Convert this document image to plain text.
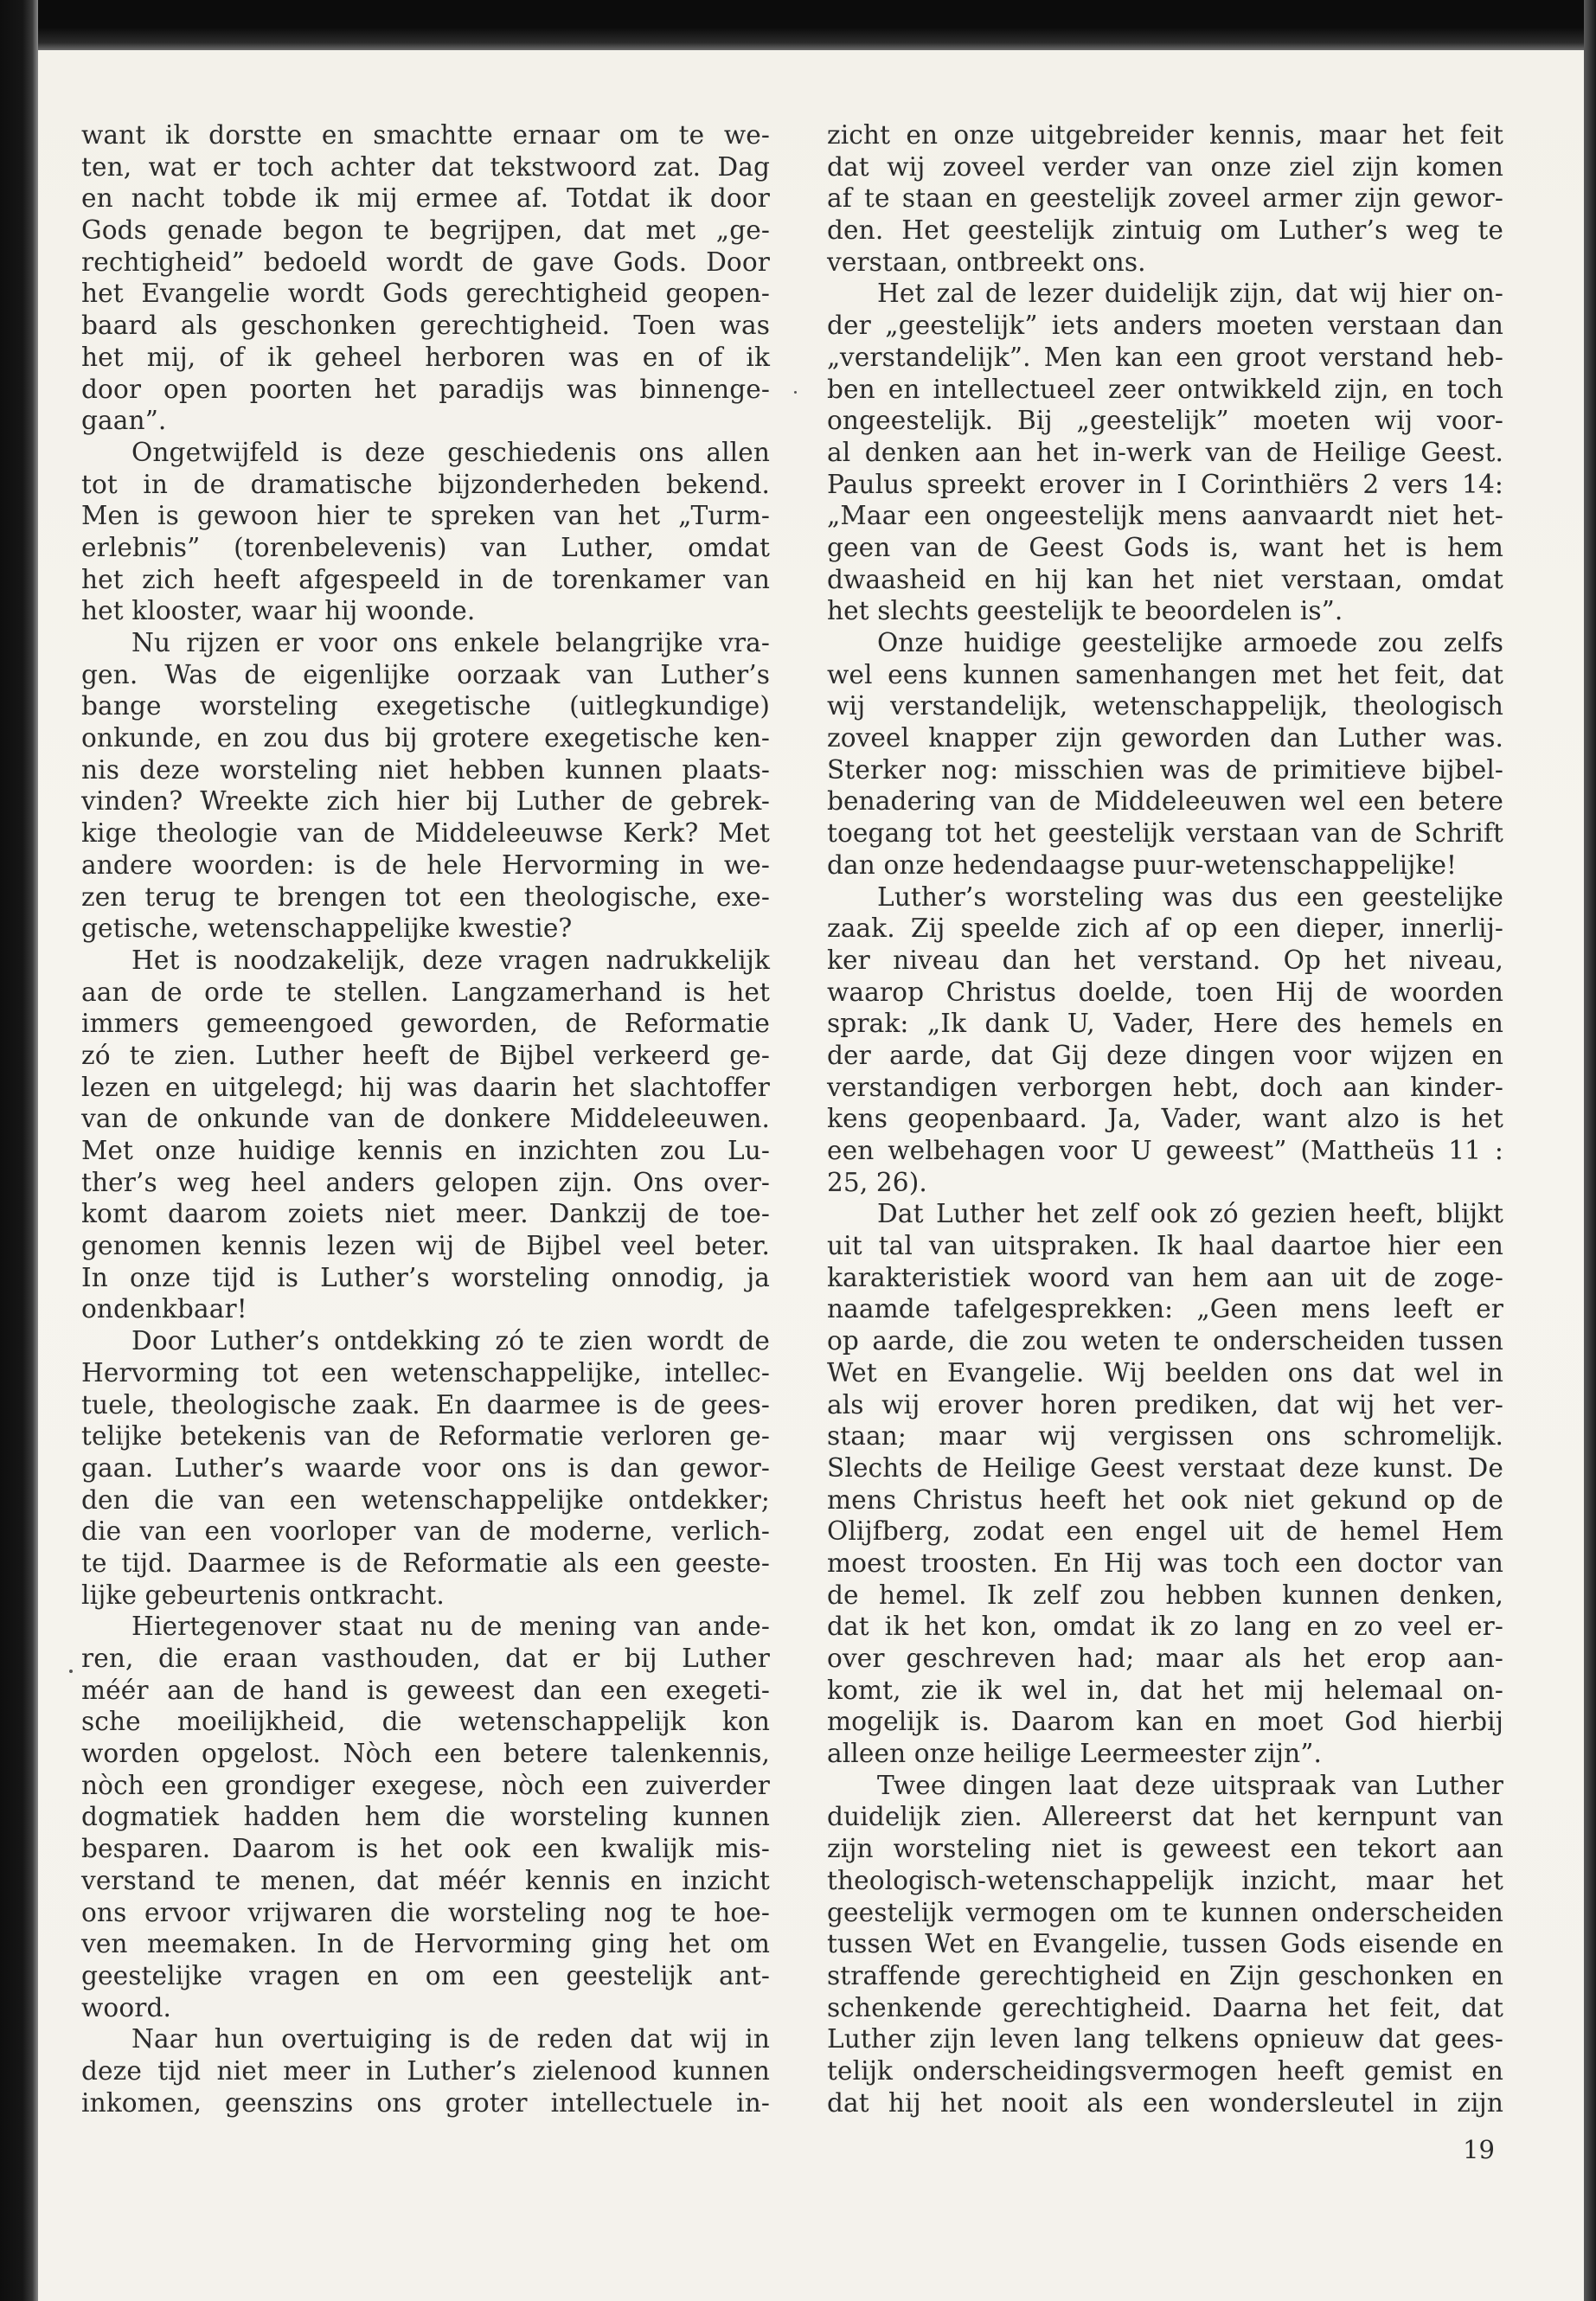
want ik dorstte en smachtte ernaar om te we-
ten, wat er toch achter dat tekstwoord zat. Dag
en nacht tobde ik mij ermee af. Totdat ik door
Gods genade begon te begrijpen, dat met „ge-
rechtigheid” bedoeld wordt de gave Gods. Door
het Evangelie wordt Gods gerechtigheid geopen-
baard als geschonken gerechtigheid. Toen was
het mij, of ik geheel herboren was en of ik
door open poorten het paradijs was binnenge-
gaan”.
Ongetwijfeld is deze geschiedenis ons allen
tot in de dramatische bijzonderheden bekend.
Men is gewoon hier te spreken van het „Turm-
erlebnis” (torenbelevenis) van Luther, omdat
het zich heeft afgespeeld in de torenkamer van
het klooster, waar hij woonde.
Nu rijzen er voor ons enkele belangrijke vra-
gen. Was de eigenlijke oorzaak van Luther’s
bange worsteling exegetische (uitlegkundige)
onkunde, en zou dus bij grotere exegetische ken-
nis deze worsteling niet hebben kunnen plaats-
vinden? Wreekte zich hier bij Luther de gebrek-
kige theologie van de Middeleeuwse Kerk? Met
andere woorden: is de hele Hervorming in we-
zen terug te brengen tot een theologische, exe-
getische, wetenschappelijke kwestie?
Het is noodzakelijk, deze vragen nadrukkelijk
aan de orde te stellen. Langzamerhand is het
immers gemeengoed geworden, de Reformatie
zó te zien. Luther heeft de Bijbel verkeerd ge-
lezen en uitgelegd; hij was daarin het slachtoffer
van de onkunde van de donkere Middeleeuwen.
Met onze huidige kennis en inzichten zou Lu-
ther’s weg heel anders gelopen zijn. Ons over-
komt daarom zoiets niet meer. Dankzij de toe-
genomen kennis lezen wij de Bijbel veel beter.
In onze tijd is Luther’s worsteling onnodig, ja
ondenkbaar!
Door Luther’s ontdekking zó te zien wordt de
Hervorming tot een wetenschappelijke, intellec-
tuele, theologische zaak. En daarmee is de gees-
telijke betekenis van de Reformatie verloren ge-
gaan. Luther’s waarde voor ons is dan gewor-
den die van een wetenschappelijke ontdekker;
die van een voorloper van de moderne, verlich-
te tijd. Daarmee is de Reformatie als een geeste-
lijke gebeurtenis ontkracht.
Hiertegenover staat nu de mening van ande-
ren, die eraan vasthouden, dat er bij Luther
méér aan de hand is geweest dan een exegeti-
sche moeilijkheid, die wetenschappelijk kon
worden opgelost. Nòch een betere talenkennis,
nòch een grondiger exegese, nòch een zuiverder
dogmatiek hadden hem die worsteling kunnen
besparen. Daarom is het ook een kwalijk mis-
verstand te menen, dat méér kennis en inzicht
ons ervoor vrijwaren die worsteling nog te hoe-
ven meemaken. In de Hervorming ging het om
geestelijke vragen en om een geestelijk ant-
woord.
Naar hun overtuiging is de reden dat wij in
deze tijd niet meer in Luther’s zielenood kunnen
inkomen, geenszins ons groter intellectuele in-
zicht en onze uitgebreider kennis, maar het feit
dat wij zoveel verder van onze ziel zijn komen
af te staan en geestelijk zoveel armer zijn gewor-
den. Het geestelijk zintuig om Luther’s weg te
verstaan, ontbreekt ons.
Het zal de lezer duidelijk zijn, dat wij hier on-
der „geestelijk” iets anders moeten verstaan dan
„verstandelijk”. Men kan een groot verstand heb-
ben en intellectueel zeer ontwikkeld zijn, en toch
ongeestelijk. Bij „geestelijk” moeten wij voor-
al denken aan het in-werk van de Heilige Geest.
Paulus spreekt erover in I Corinthiërs 2 vers 14:
„Maar een ongeestelijk mens aanvaardt niet het-
geen van de Geest Gods is, want het is hem
dwaasheid en hij kan het niet verstaan, omdat
het slechts geestelijk te beoordelen is”.
Onze huidige geestelijke armoede zou zelfs
wel eens kunnen samenhangen met het feit, dat
wij verstandelijk, wetenschappelijk, theologisch
zoveel knapper zijn geworden dan Luther was.
Sterker nog: misschien was de primitieve bijbel-
benadering van de Middeleeuwen wel een betere
toegang tot het geestelijk verstaan van de Schrift
dan onze hedendaagse puur-wetenschappelijke!
Luther’s worsteling was dus een geestelijke
zaak. Zij speelde zich af op een dieper, innerlij-
ker niveau dan het verstand. Op het niveau,
waarop Christus doelde, toen Hij de woorden
sprak: „Ik dank U, Vader, Here des hemels en
der aarde, dat Gij deze dingen voor wijzen en
verstandigen verborgen hebt, doch aan kinder-
kens geopenbaard. Ja, Vader, want alzo is het
een welbehagen voor U geweest” (Mattheüs 11 :
25, 26).
Dat Luther het zelf ook zó gezien heeft, blijkt
uit tal van uitspraken. Ik haal daartoe hier een
karakteristiek woord van hem aan uit de zoge-
naamde tafelgesprekken: „Geen mens leeft er
op aarde, die zou weten te onderscheiden tussen
Wet en Evangelie. Wij beelden ons dat wel in
als wij erover horen prediken, dat wij het ver-
staan; maar wij vergissen ons schromelijk.
Slechts de Heilige Geest verstaat deze kunst. De
mens Christus heeft het ook niet gekund op de
Olijfberg, zodat een engel uit de hemel Hem
moest troosten. En Hij was toch een doctor van
de hemel. Ik zelf zou hebben kunnen denken,
dat ik het kon, omdat ik zo lang en zo veel er-
over geschreven had; maar als het erop aan-
komt, zie ik wel in, dat het mij helemaal on-
mogelijk is. Daarom kan en moet God hierbij
alleen onze heilige Leermeester zijn”.
Twee dingen laat deze uitspraak van Luther
duidelijk zien. Allereerst dat het kernpunt van
zijn worsteling niet is geweest een tekort aan
theologisch-wetenschappelijk inzicht, maar het
geestelijk vermogen om te kunnen onderscheiden
tussen Wet en Evangelie, tussen Gods eisende en
straffende gerechtigheid en Zijn geschonken en
schenkende gerechtigheid. Daarna het feit, dat
Luther zijn leven lang telkens opnieuw dat gees-
telijk onderscheidingsvermogen heeft gemist en
dat hij het nooit als een wondersleutel in zijn
19
